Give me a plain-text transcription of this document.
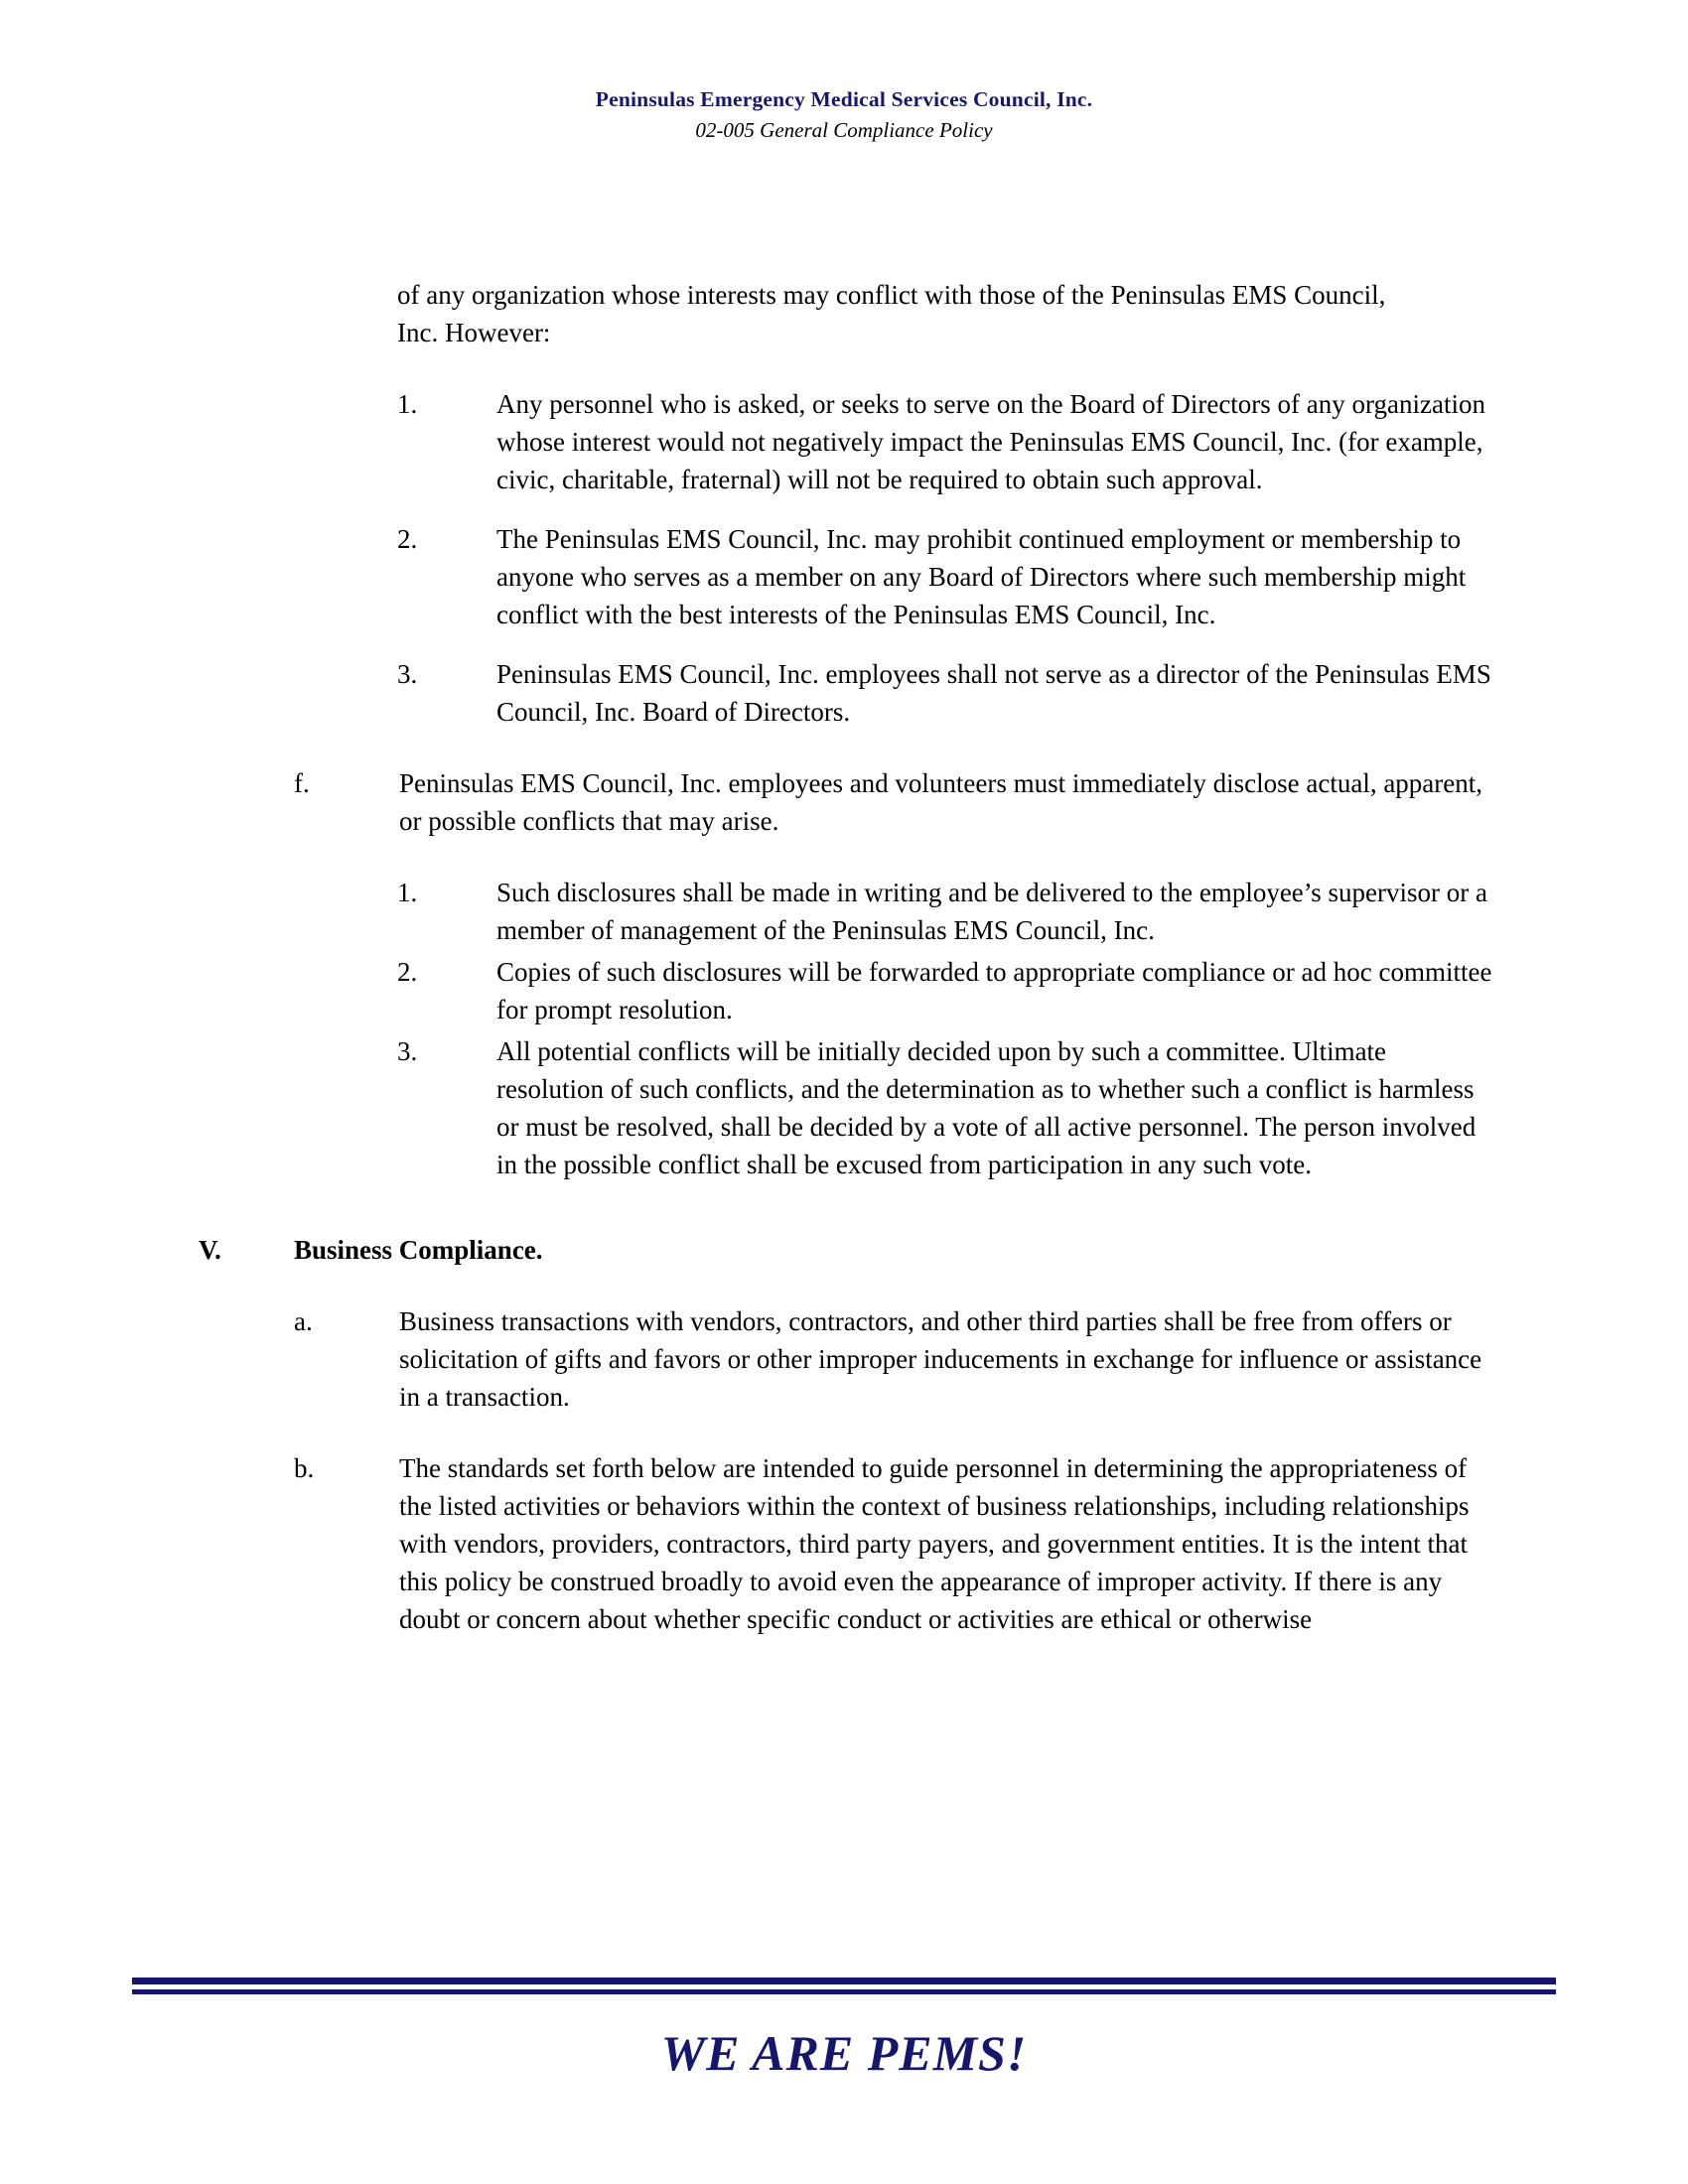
Peninsulas Emergency Medical Services Council, Inc.
02-005 General Compliance Policy
of any organization whose interests may conflict with those of the Peninsulas EMS Council, Inc. However:
1.	Any personnel who is asked, or seeks to serve on the Board of Directors of any organization whose interest would not negatively impact the Peninsulas EMS Council, Inc. (for example, civic, charitable, fraternal) will not be required to obtain such approval.
2.	The Peninsulas EMS Council, Inc. may prohibit continued employment or membership to anyone who serves as a member on any Board of Directors where such membership might conflict with the best interests of the Peninsulas EMS Council, Inc.
3.	Peninsulas EMS Council, Inc. employees shall not serve as a director of the Peninsulas EMS Council, Inc. Board of Directors.
f.	Peninsulas EMS Council, Inc. employees and volunteers must immediately disclose actual, apparent, or possible conflicts that may arise.
1.	Such disclosures shall be made in writing and be delivered to the employee’s supervisor or a member of management of the Peninsulas EMS Council, Inc.
2.	Copies of such disclosures will be forwarded to appropriate compliance or ad hoc committee for prompt resolution.
3.	All potential conflicts will be initially decided upon by such a committee. Ultimate resolution of such conflicts, and the determination as to whether such a conflict is harmless or must be resolved, shall be decided by a vote of all active personnel. The person involved in the possible conflict shall be excused from participation in any such vote.
V.	Business Compliance.
a.	Business transactions with vendors, contractors, and other third parties shall be free from offers or solicitation of gifts and favors or other improper inducements in exchange for influence or assistance in a transaction.
b.	The standards set forth below are intended to guide personnel in determining the appropriateness of the listed activities or behaviors within the context of business relationships, including relationships with vendors, providers, contractors, third party payers, and government entities. It is the intent that this policy be construed broadly to avoid even the appearance of improper activity. If there is any doubt or concern about whether specific conduct or activities are ethical or otherwise
WE ARE PEMS!
